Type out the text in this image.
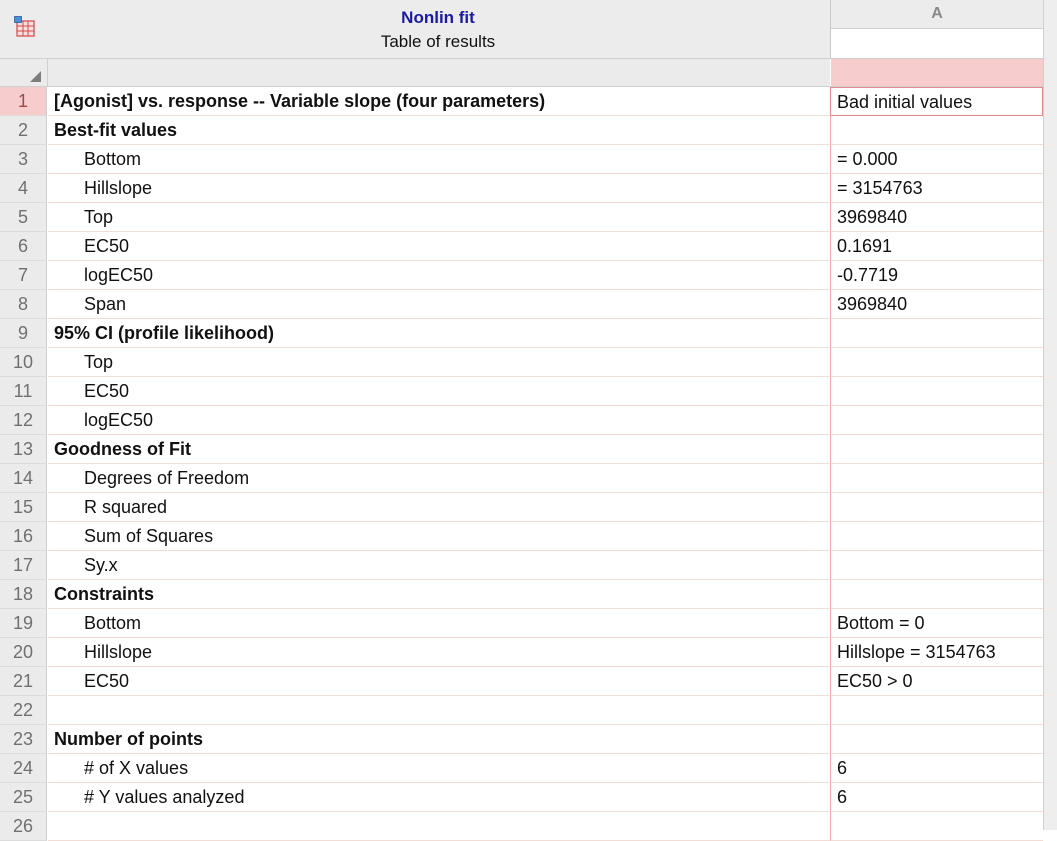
Nonlin fit
Table of results
A
1	[Agonist] vs. response -- Variable slope (four parameters)	Bad initial values
2	Best-fit values
3	Bottom	= 0.000
4	Hillslope	= 3154763
5	Top	3969840
6	EC50	0.1691
7	logEC50	-0.7719
8	Span	3969840
9	95% CI (profile likelihood)
10	Top
11	EC50
12	logEC50
13	Goodness of Fit
14	Degrees of Freedom
15	R squared
16	Sum of Squares
17	Sy.x
18	Constraints
19	Bottom	Bottom = 0
20	Hillslope	Hillslope = 3154763
21	EC50	EC50 > 0
22
23	Number of points
24	# of X values	6
25	# Y values analyzed	6
26
